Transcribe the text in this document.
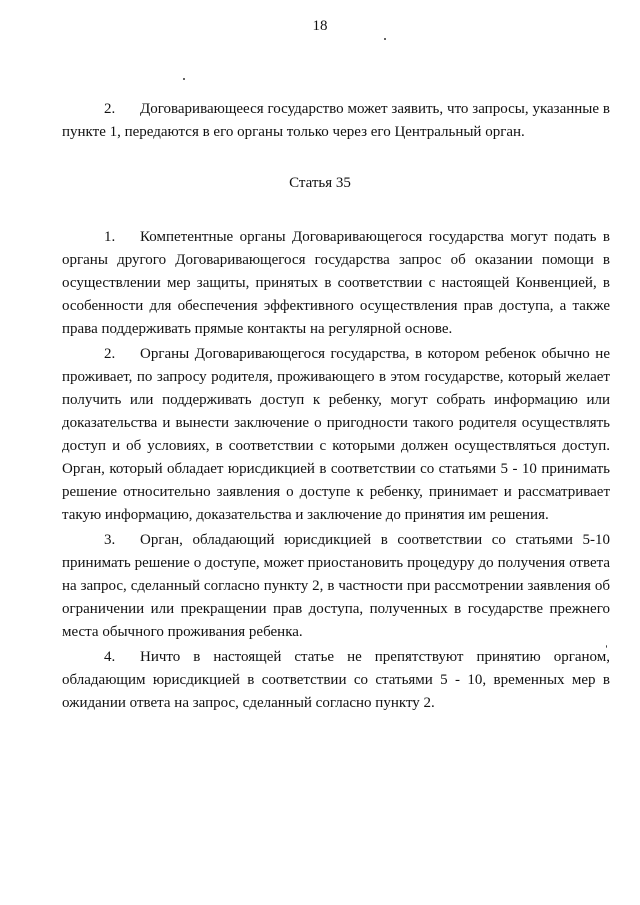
18

2. Договаривающееся государство может заявить, что запросы, указанные в пункте 1, передаются в его органы только через его Центральный орган.

Статья 35

1. Компетентные органы Договаривающегося государства могут подать в органы другого Договаривающегося государства запрос об оказании помощи в осуществлении мер защиты, принятых в соответствии с настоящей Конвенцией, в особенности для обеспечения эффективного осуществления прав доступа, а также права поддерживать прямые контакты на регулярной основе.

2. Органы Договаривающегося государства, в котором ребенок обычно не проживает, по запросу родителя, проживающего в этом государстве, который желает получить или поддерживать доступ к ребенку, могут собрать информацию или доказательства и вынести заключение о пригодности такого родителя осуществлять доступ и об условиях, в соответствии с которыми должен осуществляться доступ. Орган, который обладает юрисдикцией в соответствии со статьями 5 - 10 принимать решение относительно заявления о доступе к ребенку, принимает и рассматривает такую информацию, доказательства и заключение до принятия им решения.

3. Орган, обладающий юрисдикцией в соответствии со статьями 5-10 принимать решение о доступе, может приостановить процедуру до получения ответа на запрос, сделанный согласно пункту 2, в частности при рассмотрении заявления об ограничении или прекращении прав доступа, полученных в государстве прежнего места обычного проживания ребенка.

4. Ничто в настоящей статье не препятствуют принятию органом, обладающим юрисдикцией в соответствии со статьями 5 - 10, временных мер в ожидании ответа на запрос, сделанный согласно пункту 2.
